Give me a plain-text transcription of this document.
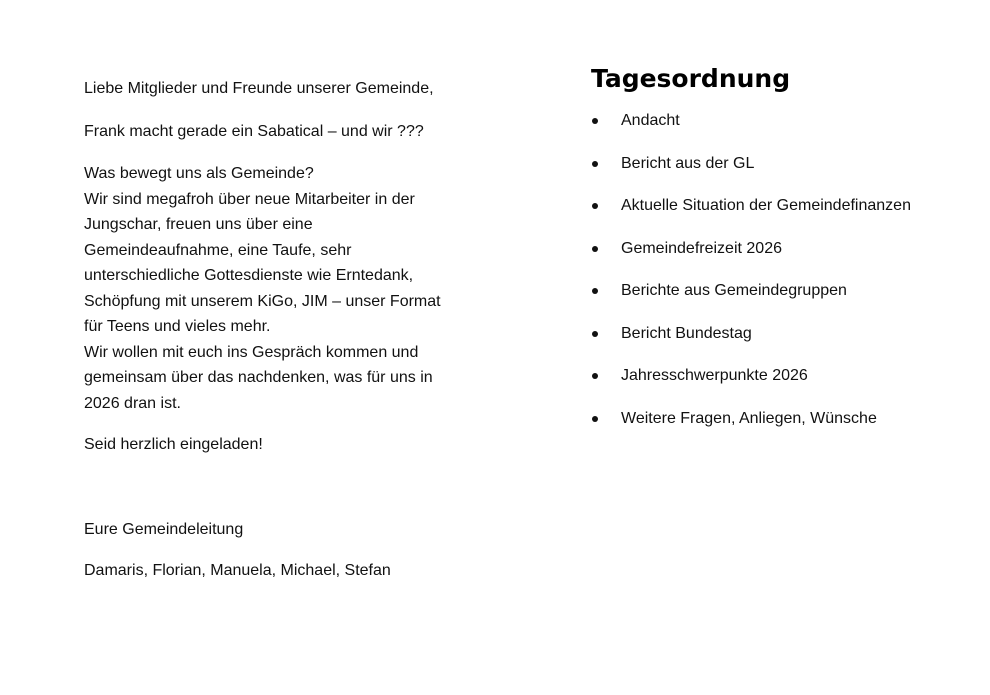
Liebe Mitglieder und Freunde unserer Gemeinde,

Frank macht gerade ein Sabatical – und wir ???

Was bewegt uns als Gemeinde?

Wir sind megafroh über neue Mitarbeiter in der

Jungschar, freuen uns über eine

Gemeindeaufnahme, eine Taufe, sehr

unterschiedliche Gottesdienste wie Erntedank,

Schöpfung mit unserem KiGo, JIM – unser Format

für Teens und vieles mehr.

Wir wollen mit euch ins Gespräch kommen und

gemeinsam über das nachdenken, was für uns in

2026 dran ist.

Seid herzlich eingeladen!

Eure Gemeindeleitung

Damaris, Florian, Manuela, Michael, Stefan

Tagesordnung
Andacht
Bericht aus der GL
Aktuelle Situation der Gemeindefinanzen
Gemeindefreizeit 2026
Berichte aus Gemeindegruppen
Bericht Bundestag
Jahresschwerpunkte 2026
Weitere Fragen, Anliegen, Wünsche
